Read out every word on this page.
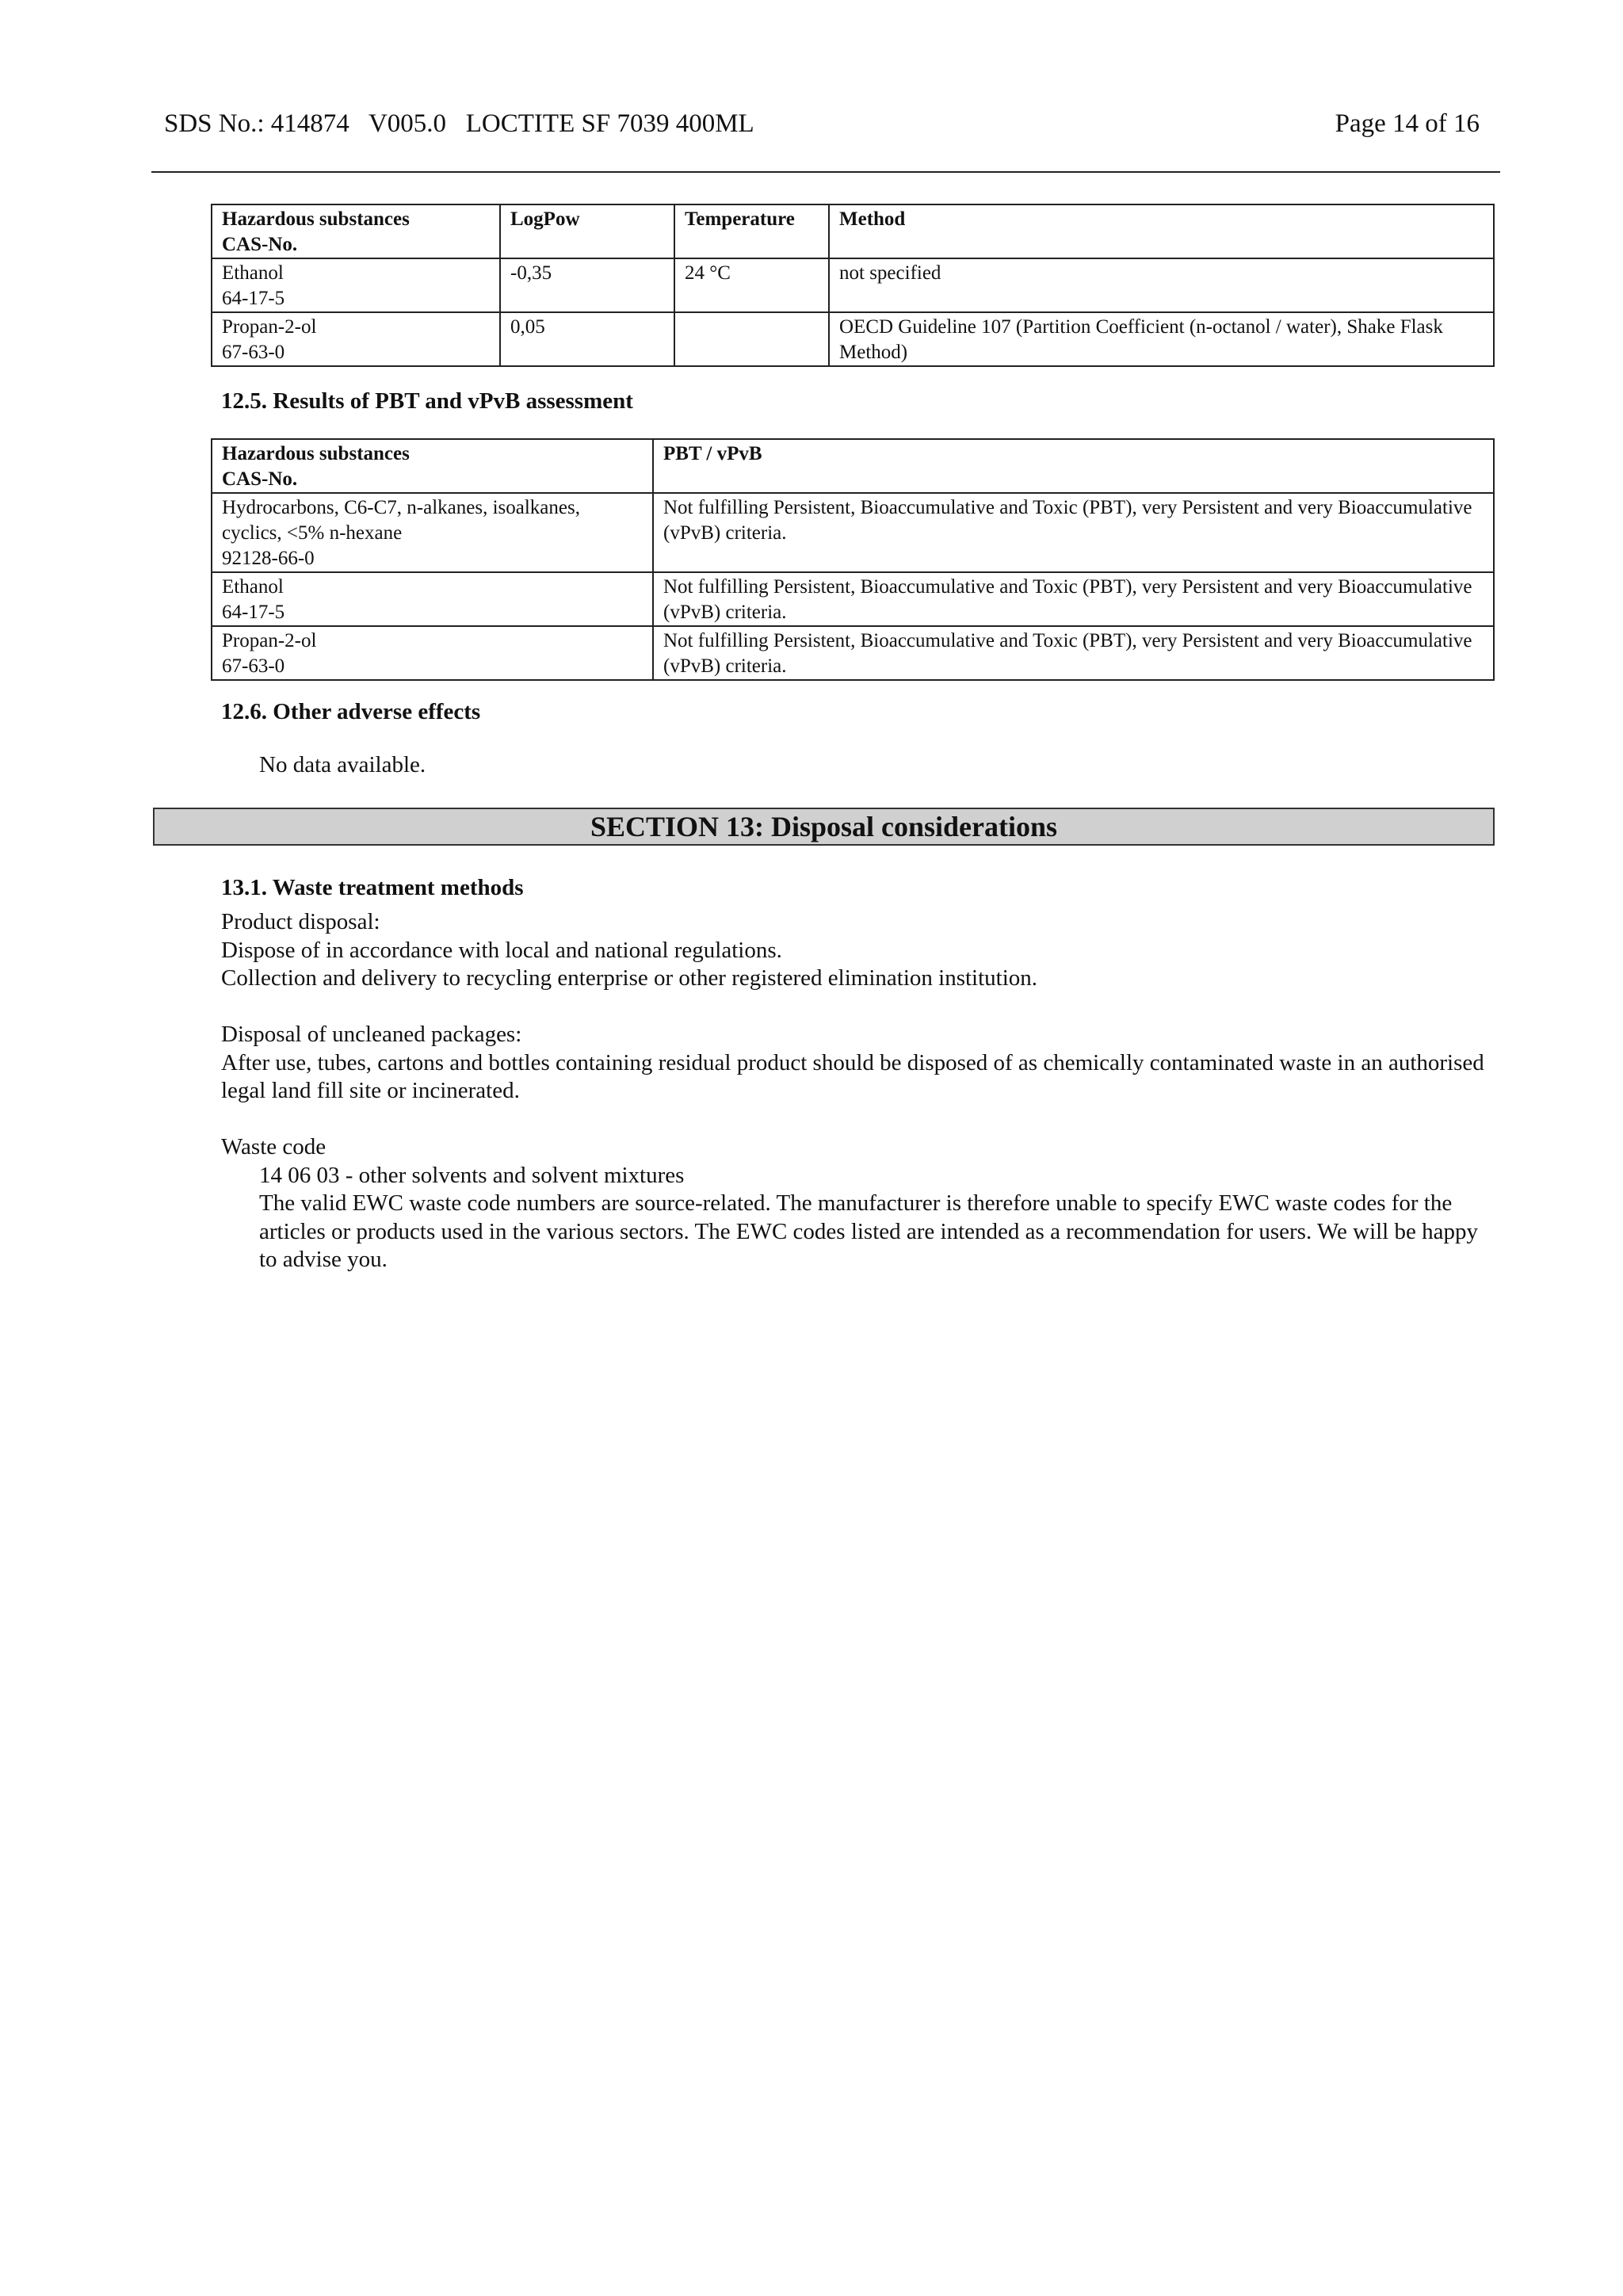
SDS No.: 414874   V005.0   LOCTITE SF 7039 400ML	Page 14 of 16
Hazardous substances
CAS-No.	LogPow	Temperature	Method

Ethanol
64-17-5	-0,35	24 °C	not specified

Propan-2-ol
67-63-0	0,05		OECD Guideline 107 (Partition Coefficient (n-octanol / water), Shake Flask Method)
12.5. Results of PBT and vPvB assessment
Hazardous substances
CAS-No.	PBT / vPvB

Hydrocarbons, C6-C7, n-alkanes, isoalkanes, cyclics, <5% n-hexane
92128-66-0	Not fulfilling Persistent, Bioaccumulative and Toxic (PBT), very Persistent and very Bioaccumulative (vPvB) criteria.

Ethanol
64-17-5	Not fulfilling Persistent, Bioaccumulative and Toxic (PBT), very Persistent and very Bioaccumulative (vPvB) criteria.

Propan-2-ol
67-63-0	Not fulfilling Persistent, Bioaccumulative and Toxic (PBT), very Persistent and very Bioaccumulative (vPvB) criteria.
12.6. Other adverse effects
No data available.
SECTION 13: Disposal considerations
13.1. Waste treatment methods
Product disposal:
Dispose of in accordance with local and national regulations.
Collection and delivery to recycling enterprise or other registered elimination institution.
Disposal of uncleaned packages:
After use, tubes, cartons and bottles containing residual product should be disposed of as chemically contaminated waste in an authorised legal land fill site or incinerated.
Waste code
14 06 03 - other solvents and solvent mixtures
The valid EWC waste code numbers are source-related. The manufacturer is therefore unable to specify EWC waste codes for the articles or products used in the various sectors. The EWC codes listed are intended as a recommendation for users. We will be happy to advise you.
